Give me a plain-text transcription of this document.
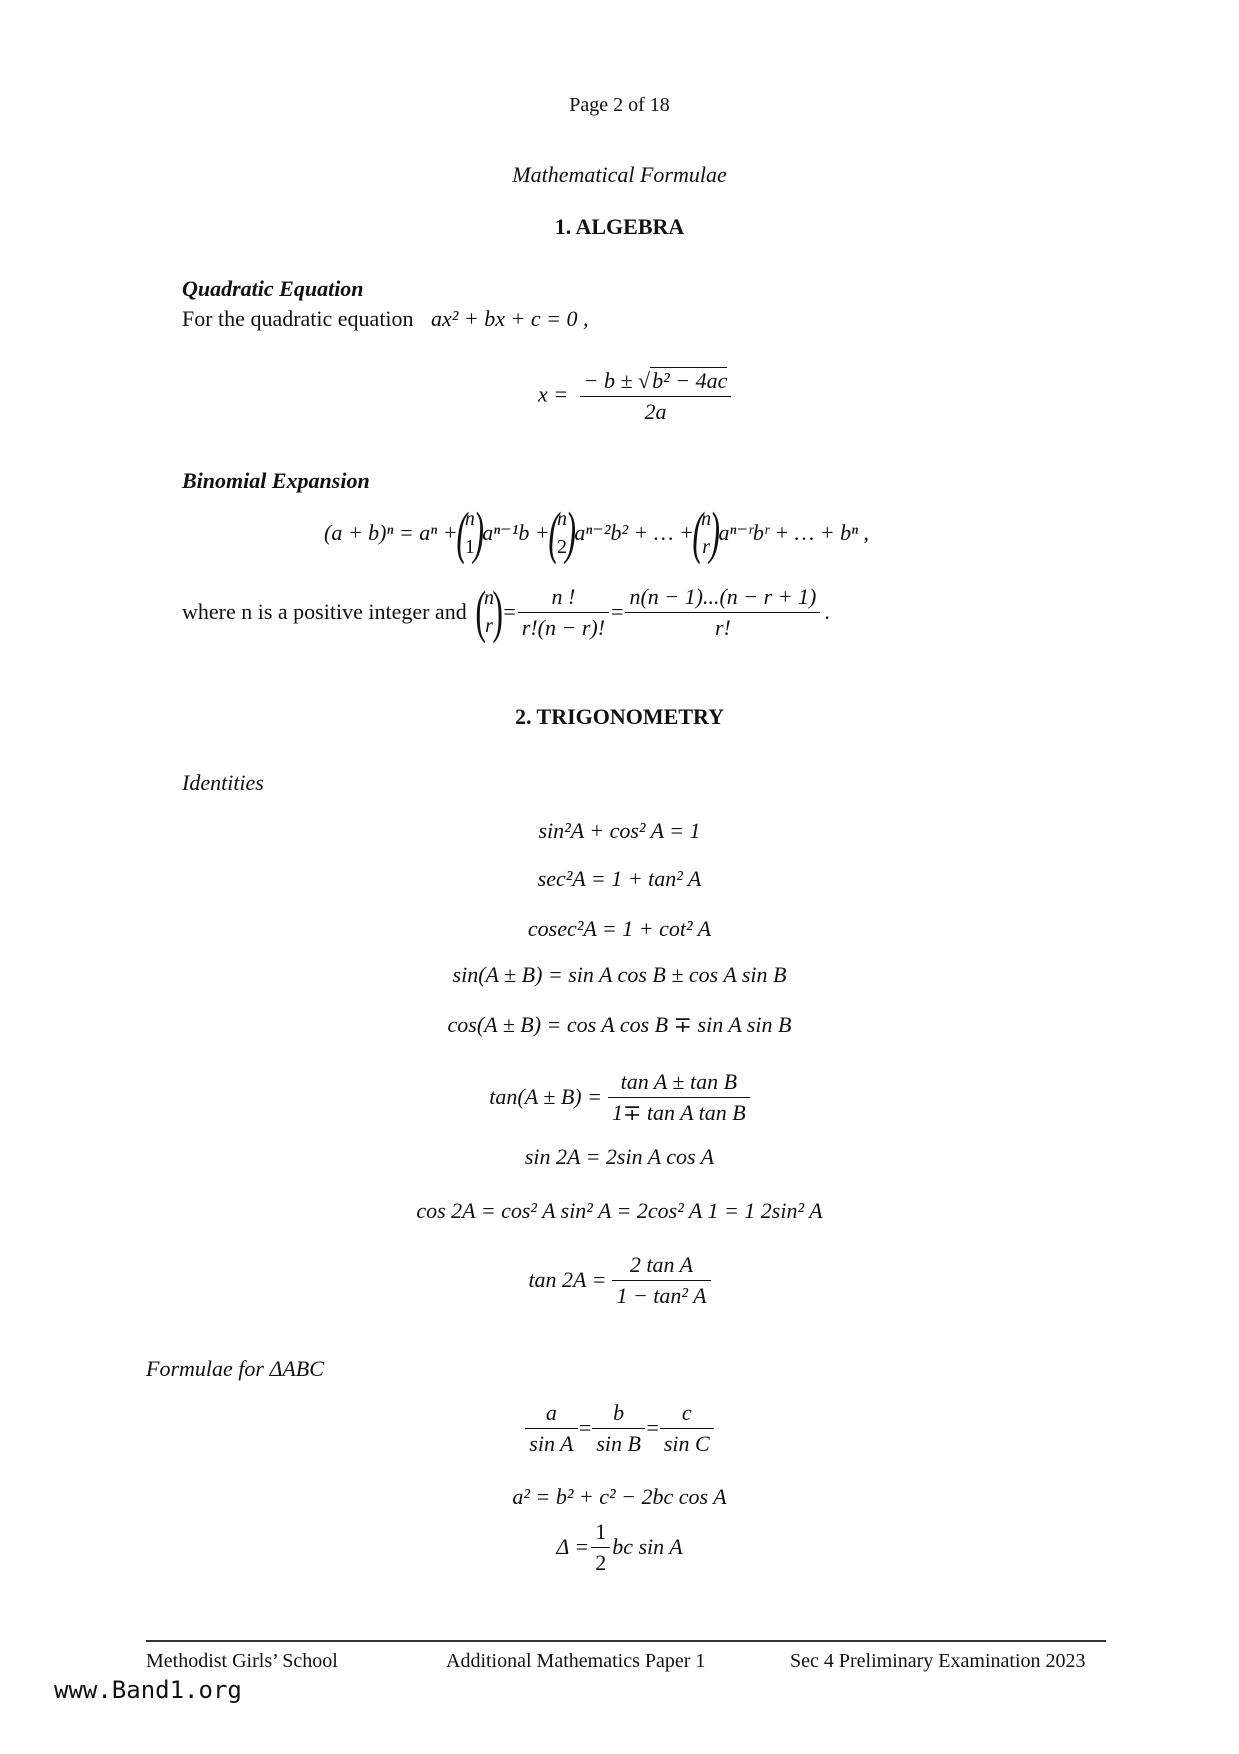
Page 2 of 18
Mathematical Formulae
1. ALGEBRA
Quadratic Equation
For the quadratic equation ax² + bx + c = 0 ,
$x = \frac{\text{− b ± √b² − 4ac}}{2a}$
Binomial Expansion
(a + b)ⁿ = aⁿ +
(
n
1
)
aⁿ⁻¹b +
(
n
2
)
aⁿ⁻²b² + … +
(
n
r )
aⁿ⁻ʳbʳ + … + bⁿ ,
where n is a positive integer and (
n
r ) = $\frac{n !}{r!(n - r)!} = \frac{n(n - 1)...(n - r + 1)}{r!}$ .
2. TRIGONOMETRY
Identities
sin²A + cos² A = 1
sec²A = 1 + tan² A
cosec²A = 1 + cot² A
sin(A ± B) = sin A cos B ± cos A sin B
cos(A ± B) = cos A cos B ∓ sin A sin B
$\tan(A \pm B) = \frac{\text{tan A ± tan B}}{\text{1∓ tan A tan B}}$
sin 2A = 2sin A cos A
cos 2A = cos² A sin² A = 2cos² A 1 = 1 2sin² A
$\tan 2A = \frac{\text{2 tan A}}{\text{1 − tan² A}}$
Formulae for ΔABC
$\frac{a}{\text{sin A}} = \frac{b}{\text{sin B}} = \frac{c}{\text{sin C}}$
a² = b² + c² − 2bc cos A
$\Delta = \frac{1}{2}$ bc sin A
Methodist Girls’ School	Additional Mathematics Paper 1	Sec 4 Preliminary Examination 2023
www.Band1.org
